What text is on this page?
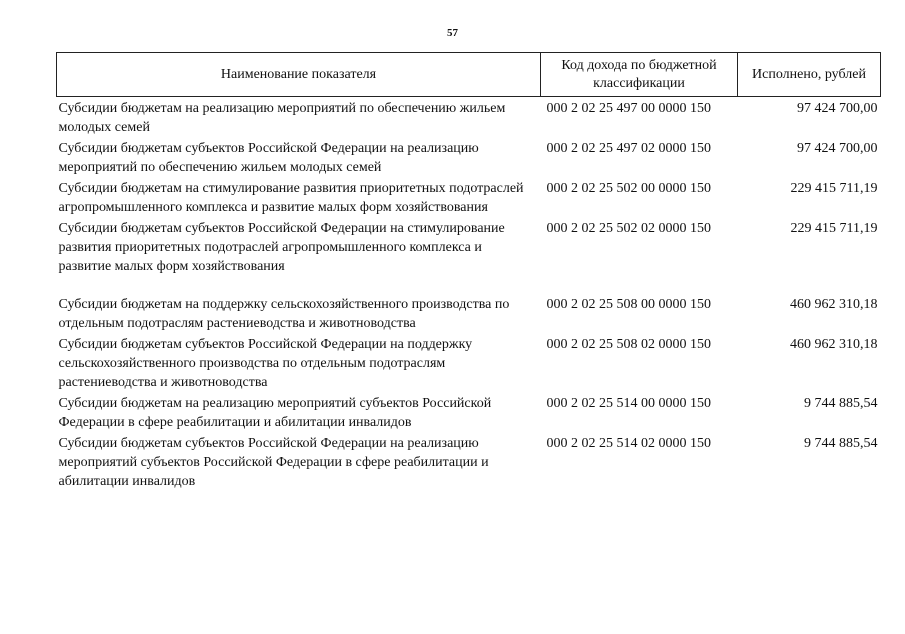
57
Наименование показателя	Код дохода по бюджетной классификации	Исполнено, рублей
Субсидии бюджетам на реализацию мероприятий по обеспечению жильем молодых семей	000 2 02 25 497 00 0000 150	97 424 700,00
Субсидии бюджетам субъектов Российской Федерации на реализацию мероприятий по обеспечению жильем молодых семей	000 2 02 25 497 02 0000 150	97 424 700,00
Субсидии бюджетам на стимулирование развития приоритетных подотраслей агропромышленного комплекса и развитие малых форм хозяйствования	000 2 02 25 502 00 0000 150	229 415 711,19
Субсидии бюджетам субъектов Российской Федерации на стимулирование развития приоритетных подотраслей агропромышленного комплекса и развитие малых форм хозяйствования	000 2 02 25 502 02 0000 150	229 415 711,19

Субсидии бюджетам на поддержку сельскохозяйственного производства по отдельным подотраслям растениеводства и животноводства	000 2 02 25 508 00 0000 150	460 962 310,18
Субсидии бюджетам субъектов Российской Федерации на поддержку сельскохозяйственного производства по отдельным подотраслям растениеводства и животноводства	000 2 02 25 508 02 0000 150	460 962 310,18
Субсидии бюджетам на реализацию мероприятий субъектов Российской Федерации в сфере реабилитации и абилитации инвалидов	000 2 02 25 514 00 0000 150	9 744 885,54
Субсидии бюджетам субъектов Российской Федерации на реализацию мероприятий субъектов Российской Федерации в сфере реабилитации и абилитации инвалидов	000 2 02 25 514 02 0000 150	9 744 885,54
